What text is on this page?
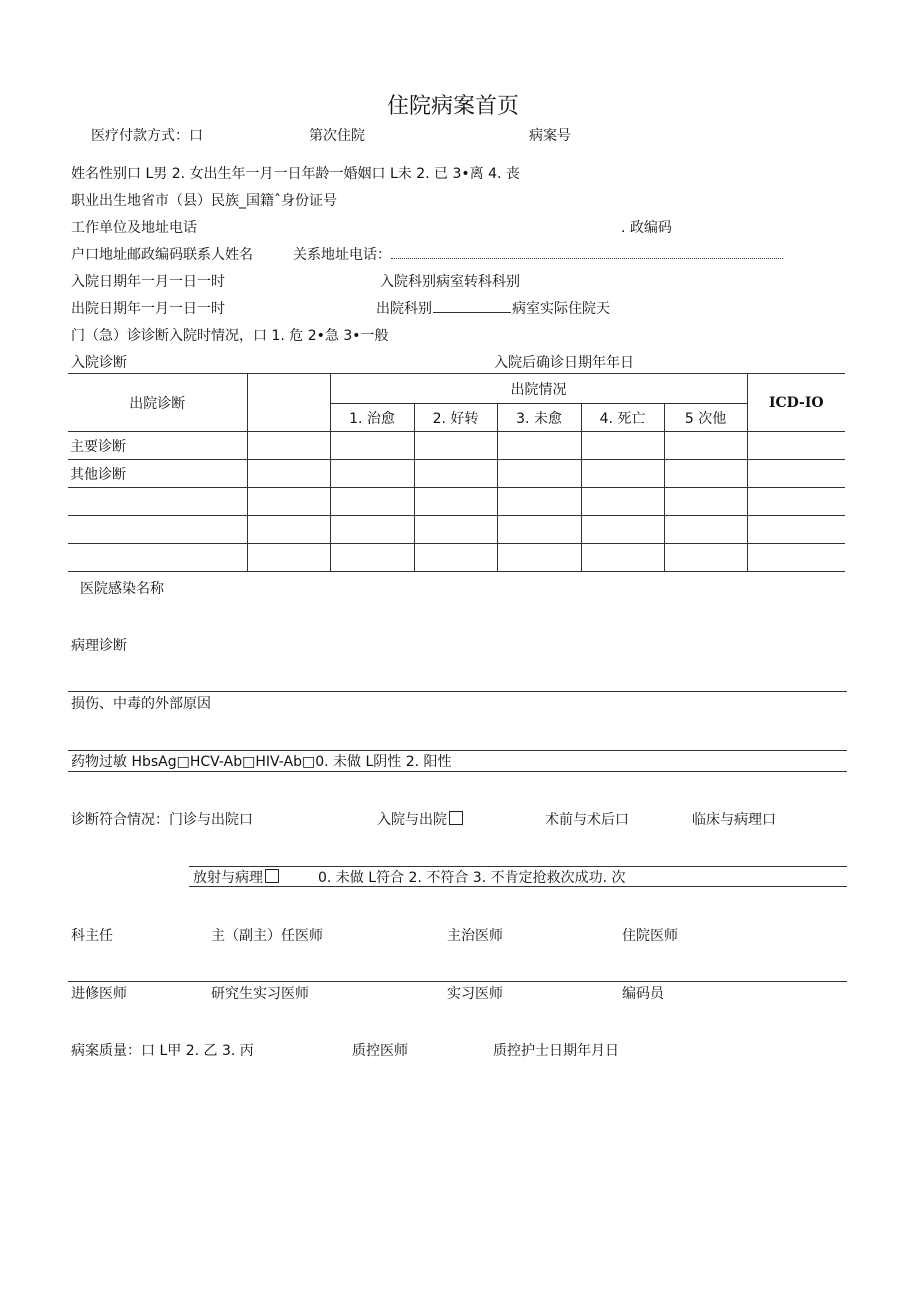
住院病案首页
医疗付款方式：口	第次住院	病案号
姓名性别口 L男 2. 女出生年一月一日年龄一婚姻口 L未 2. 已 3•离 4. 丧
职业出生地省市（县）民族_国籍ˆ身份证号
工作单位及地址电话	. 政编码
户口地址邮政编码联系人姓名	关系地址电话：
入院日期年一月一日一时	入院科别病室转科科别
出院日期年一月一日一时	出院科别	病室实际住院天
门（急）诊诊断入院时情况，口 1. 危 2•急 3•一般
入院诊断	入院后确诊日期年年日
出院诊断		出院情况					ICD-IO
		1. 治愈	2. 好转	3. 未愈	4. 死亡	5 次他	
主要诊断							
其他诊断							

医院感染名称
病理诊断
损伤、中毒的外部原因
药物过敏 HbsAg□HCV-Ab□HIV-Ab□0. 未做 L阴性 2. 阳性
诊断符合情况：门诊与出院口	入院与出院	术前与术后口	临床与病理口
放射与病理	0. 未做 L符合 2. 不符合 3. 不肯定抢救次成功. 次
科主任	主（副主）任医师	主治医师	住院医师
进修医师	研究生实习医师	实习医师	编码员
病案质量：口 L甲 2. 乙 3. 丙	质控医师	质控护士日期年月日
